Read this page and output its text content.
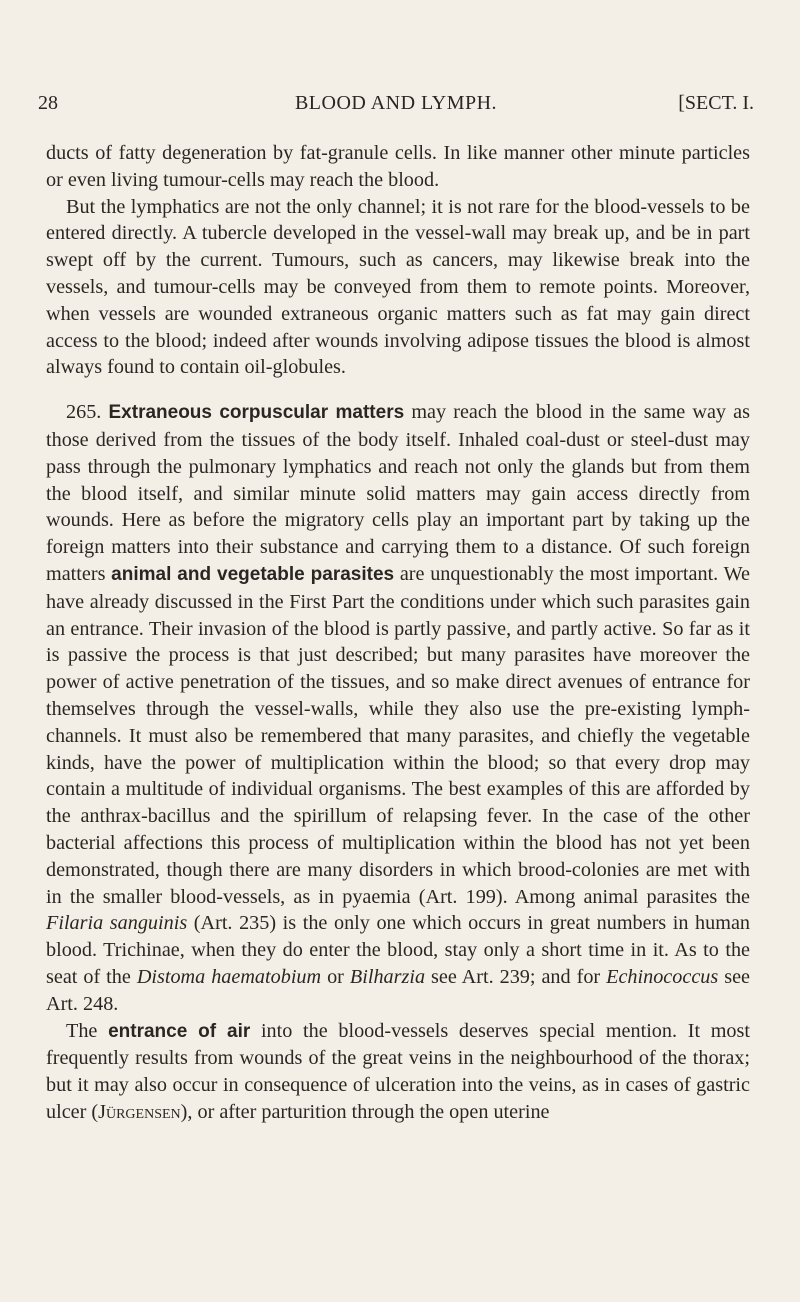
28	BLOOD AND LYMPH.	[SECT. I.

ducts of fatty degeneration by fat-granule cells. In like manner other minute particles or even living tumour-cells may reach the blood.

But the lymphatics are not the only channel; it is not rare for the blood-vessels to be entered directly. A tubercle developed in the vessel-wall may break up, and be in part swept off by the current. Tumours, such as cancers, may likewise break into the vessels, and tumour-cells may be conveyed from them to remote points. Moreover, when vessels are wounded extraneous organic matters such as fat may gain direct access to the blood; indeed after wounds involving adipose tissues the blood is almost always found to contain oil-globules.

265. Extraneous corpuscular matters may reach the blood in the same way as those derived from the tissues of the body itself. Inhaled coal-dust or steel-dust may pass through the pulmonary lymphatics and reach not only the glands but from them the blood itself, and similar minute solid matters may gain access directly from wounds. Here as before the migratory cells play an important part by taking up the foreign matters into their substance and carrying them to a distance. Of such foreign matters animal and vegetable parasites are unquestionably the most important. We have already discussed in the First Part the conditions under which such parasites gain an entrance. Their invasion of the blood is partly passive, and partly active. So far as it is passive the process is that just described; but many parasites have moreover the power of active penetration of the tissues, and so make direct avenues of entrance for themselves through the vessel-walls, while they also use the pre-existing lymph-channels. It must also be remembered that many parasites, and chiefly the vegetable kinds, have the power of multiplication within the blood; so that every drop may contain a multitude of individual organisms. The best examples of this are afforded by the anthrax-bacillus and the spirillum of relapsing fever. In the case of the other bacterial affections this process of multiplication within the blood has not yet been demonstrated, though there are many disorders in which brood-colonies are met with in the smaller blood-vessels, as in pyaemia (Art. 199). Among animal parasites the Filaria sanguinis (Art. 235) is the only one which occurs in great numbers in human blood. Trichinae, when they do enter the blood, stay only a short time in it. As to the seat of the Distoma haematobium or Bilharzia see Art. 239; and for Echinococcus see Art. 248.

The entrance of air into the blood-vessels deserves special mention. It most frequently results from wounds of the great veins in the neighbourhood of the thorax; but it may also occur in consequence of ulceration into the veins, as in cases of gastric ulcer (Jürgensen), or after parturition through the open uterine
